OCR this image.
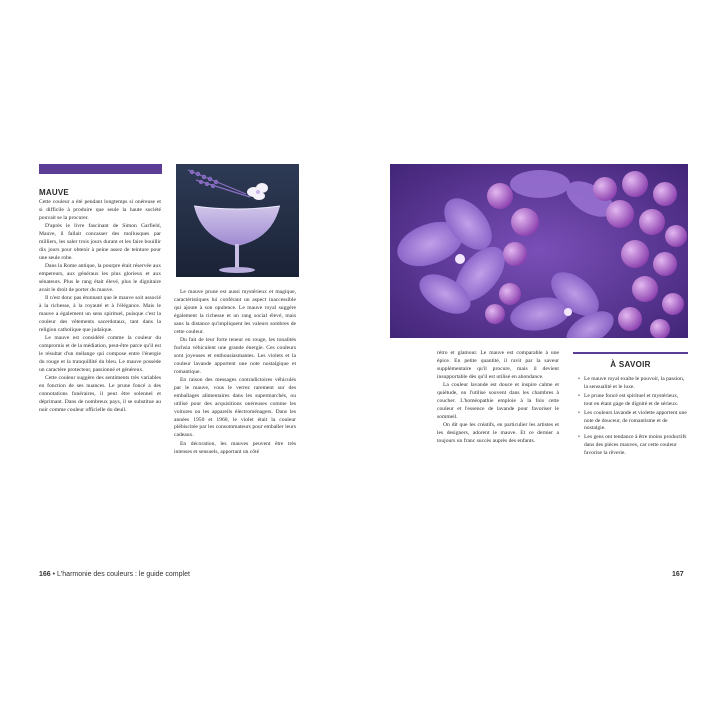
MAUVE

Cette couleur a été pendant longtemps si onéreuse et si difficile à produire que seule la haute société pouvait se la procurer.

D'après le livre fascinant de Simon Garfield, Mauve, il fallait concasser des mollusques par milliers, les saler trois jours durant et les faire bouillir dix jours pour obtenir à peine assez de teinture pour une seule robe.

Dans la Rome antique, la pourpre était réservée aux empereurs, aux généraux les plus glorieux et aux sénateurs. Plus le rang était élevé, plus le dignitaire avait le droit de porter du mauve.

Il n'est donc pas étonnant que le mauve soit associé à la richesse, à la royauté et à l'élégance. Mais le mauve a également un sens spirituel, puisque c'est la couleur des vêtements sacerdotaux, tant dans la religion catholique que judaïque.

Le mauve est considéré comme la couleur du compromis et de la médiation, peut-être parce qu'il est le résultat d'un mélange qui compose entre l'énergie du rouge et la tranquillité du bleu. Le mauve possède un caractère protecteur, passionné et généreux.

Cette couleur suggère des sentiments très variables en fonction de ses nuances. Le prune foncé a des connotations funéraires, il peut être solennel et déprimant. Dans de nombreux pays, il se substitue au noir comme couleur officielle du deuil.

Le mauve prune est aussi mystérieux et magique, caractéristiques lui conférant un aspect inaccessible qui ajoute à son opulence. Le mauve royal suggère également la richesse et un rang social élevé, mais sans la distance qu'impliquent les valeurs sombres de cette couleur.

Du fait de leur forte teneur en rouge, les tonalités fuchsia véhiculent une grande énergie. Ces couleurs sont joyeuses et enthousiasmantes. Les violets et la couleur lavande apportent une note nostalgique et romantique.

En raison des messages contradictoires véhiculés par le mauve, vous le verrez rarement sur des emballages alimentaires dans les supermarchés, ou utilisé pour des acquisitions onéreuses comme les voitures ou les appareils électroménagers. Dans les années 1950 et 1960, le violet était la couleur plébiscitée par les consommateurs pour emballer leurs cadeaux.

En décoration, les mauves peuvent être très intenses et sensuels, apportant un côté

166 • L'harmonie des couleurs : le guide complet

rétro et glamour. Le mauve est comparable à une épice. En petite quantité, il ravit par la saveur supplémentaire qu'il procure, mais il devient insupportable dès qu'il est utilisé en abondance.

La couleur lavande est douce et inspire calme et quiétude, on l'utilise souvent dans les chambres à coucher. L'homéopathie emploie à la fois cette couleur et l'essence de lavande pour favoriser le sommeil.

On dit que les créatifs, en particulier les artistes et les designers, adorent le mauve. Et ce dernier a toujours un franc succès auprès des enfants.

À SAVOIR
• Le mauve royal exalte le pouvoir, la passion, la sensualité et le luxe.
• Le prune foncé est spirituel et mystérieux, tout en étant gage de dignité et de sérieux.
• Les couleurs lavande et violette apportent une note de douceur, de romantisme et de nostalgie.
• Les gens ont tendance à être moins productifs dans des pièces mauves, car cette couleur favorise la rêverie.
167
